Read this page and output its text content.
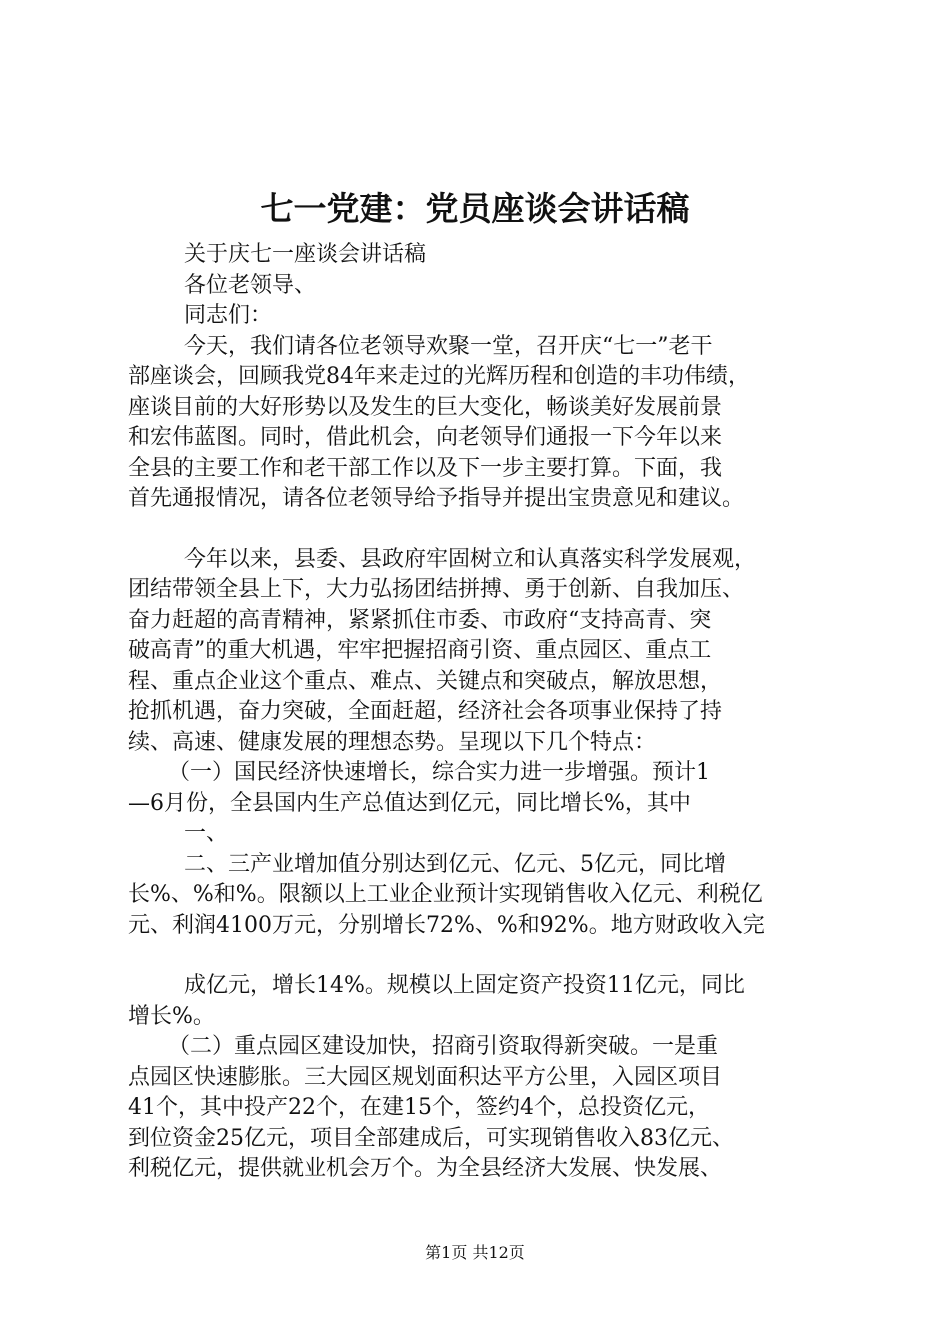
七一党建：党员座谈会讲话稿
关于庆七一座谈会讲话稿
各位老领导、
同志们：
今天，我们请各位老领导欢聚一堂，召开庆“七一”老干
部座谈会，回顾我党84年来走过的光辉历程和创造的丰功伟绩，
座谈目前的大好形势以及发生的巨大变化，畅谈美好发展前景
和宏伟蓝图。同时，借此机会，向老领导们通报一下今年以来
全县的主要工作和老干部工作以及下一步主要打算。下面，我
首先通报情况，请各位老领导给予指导并提出宝贵意见和建议。
今年以来，县委、县政府牢固树立和认真落实科学发展观，
团结带领全县上下，大力弘扬团结拼搏、勇于创新、自我加压、
奋力赶超的高青精神，紧紧抓住市委、市政府“支持高青、突
破高青”的重大机遇，牢牢把握招商引资、重点园区、重点工
程、重点企业这个重点、难点、关键点和突破点，解放思想，
抢抓机遇，奋力突破，全面赶超，经济社会各项事业保持了持
续、高速、健康发展的理想态势。呈现以下几个特点：
（一）国民经济快速增长，综合实力进一步增强。预计1
—6月份，全县国内生产总值达到亿元，同比增长%，其中
一、
二、三产业增加值分别达到亿元、亿元、5亿元，同比增
长%、%和%。限额以上工业企业预计实现销售收入亿元、利税亿
元、利润4100万元，分别增长72%、%和92%。地方财政收入完
成亿元，增长14%。规模以上固定资产投资11亿元，同比
增长%。
（二）重点园区建设加快，招商引资取得新突破。一是重
点园区快速膨胀。三大园区规划面积达平方公里，入园区项目
41个，其中投产22个，在建15个，签约4个，总投资亿元，
到位资金25亿元，项目全部建成后，可实现销售收入83亿元、
利税亿元，提供就业机会万个。为全县经济大发展、快发展、
第1页 共12页
